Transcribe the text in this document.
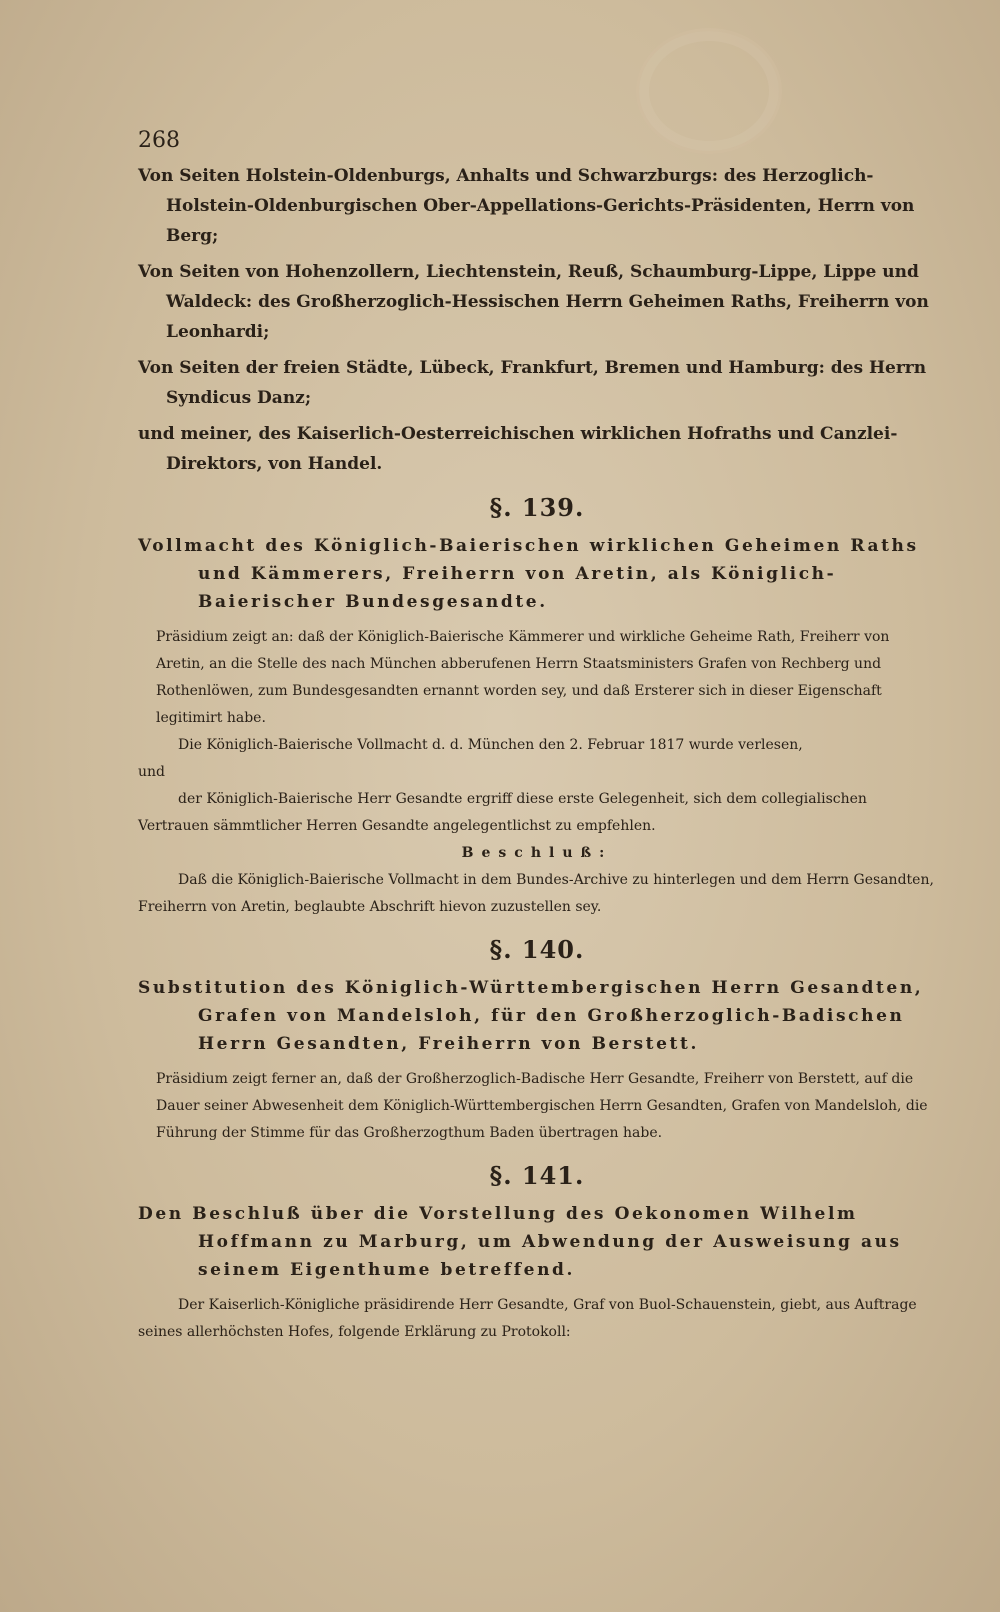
268

Von Seiten Holstein-Oldenburgs, Anhalts und Schwarzburgs: des Herzoglich-Holstein-Oldenburgischen Ober-Appellations-Gerichts-Präsidenten, Herrn von Berg;

Von Seiten von Hohenzollern, Liechtenstein, Reuß, Schaumburg-Lippe, Lippe und Waldeck: des Großherzoglich-Hessischen Herrn Geheimen Raths, Freiherrn von Leonhardi;

Von Seiten der freien Städte, Lübeck, Frankfurt, Bremen und Hamburg: des Herrn Syndicus Danz;

und meiner, des Kaiserlich-Oesterreichischen wirklichen Hofraths und Canzlei-Direktors, von Handel.

§. 139.
Vollmacht des Königlich-Baierischen wirklichen Geheimen Raths und Kämmerers, Freiherrn von Aretin, als Königlich-Baierischer Bundesgesandte.

Präsidium zeigt an: daß der Königlich-Baierische Kämmerer und wirkliche Geheime Rath, Freiherr von Aretin, an die Stelle des nach München abberufenen Herrn Staatsministers Grafen von Rechberg und Rothenlöwen, zum Bundesgesandten ernannt worden sey, und daß Ersterer sich in dieser Eigenschaft legitimirt habe.

Die Königlich-Baierische Vollmacht d. d. München den 2. Februar 1817 wurde verlesen,

und

der Königlich-Baierische Herr Gesandte ergriff diese erste Gelegenheit, sich dem collegialischen Vertrauen sämmtlicher Herren Gesandte angelegentlichst zu empfehlen.

Beschluß:

Daß die Königlich-Baierische Vollmacht in dem Bundes-Archive zu hinterlegen und dem Herrn Gesandten, Freiherrn von Aretin, beglaubte Abschrift hievon zuzustellen sey.

§. 140.
Substitution des Königlich-Württembergischen Herrn Gesandten, Grafen von Mandelsloh, für den Großherzoglich-Badischen Herrn Gesandten, Freiherrn von Berstett.

Präsidium zeigt ferner an, daß der Großherzoglich-Badische Herr Gesandte, Freiherr von Berstett, auf die Dauer seiner Abwesenheit dem Königlich-Württembergischen Herrn Gesandten, Grafen von Mandelsloh, die Führung der Stimme für das Großherzogthum Baden übertragen habe.

§. 141.
Den Beschluß über die Vorstellung des Oekonomen Wilhelm Hoffmann zu Marburg, um Abwendung der Ausweisung aus seinem Eigenthume betreffend.

Der Kaiserlich-Königliche präsidirende Herr Gesandte, Graf von Buol-Schauenstein, giebt, aus Auftrage seines allerhöchsten Hofes, folgende Erklärung zu Protokoll:
